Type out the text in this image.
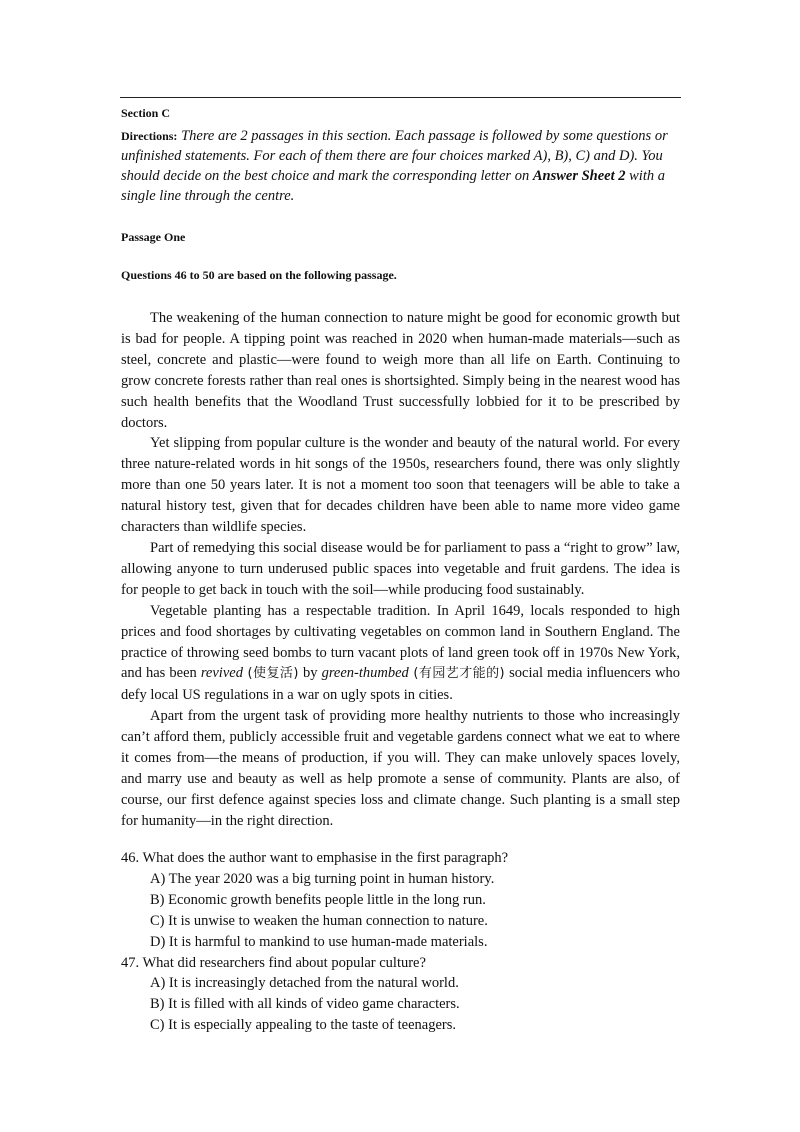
Section C
Directions: There are 2 passages in this section. Each passage is followed by some questions or unfinished statements. For each of them there are four choices marked A), B), C) and D). You should decide on the best choice and mark the corresponding letter on Answer Sheet 2 with a single line through the centre.
Passage One
Questions 46 to 50 are based on the following passage.

The weakening of the human connection to nature might be good for economic growth but is bad for people. A tipping point was reached in 2020 when human-made materials—such as steel, concrete and plastic—were found to weigh more than all life on Earth. Continuing to grow concrete forests rather than real ones is shortsighted. Simply being in the nearest wood has such health benefits that the Woodland Trust successfully lobbied for it to be prescribed by doctors.

Yet slipping from popular culture is the wonder and beauty of the natural world. For every three nature-related words in hit songs of the 1950s, researchers found, there was only slightly more than one 50 years later. It is not a moment too soon that teenagers will be able to take a natural history test, given that for decades children have been able to name more video game characters than wildlife species.

Part of remedying this social disease would be for parliament to pass a “right to grow” law, allowing anyone to turn underused public spaces into vegetable and fruit gardens. The idea is for people to get back in touch with the soil—while producing food sustainably.

Vegetable planting has a respectable tradition. In April 1649, locals responded to high prices and food shortages by cultivating vegetables on common land in Southern England. The practice of throwing seed bombs to turn vacant plots of land green took off in 1970s New York, and has been revived (使复活) by green-thumbed (有园艺才能的) social media influencers who defy local US regulations in a war on ugly spots in cities.

Apart from the urgent task of providing more healthy nutrients to those who increasingly can’t afford them, publicly accessible fruit and vegetable gardens connect what we eat to where it comes from—the means of production, if you will. They can make unlovely spaces lovely, and marry use and beauty as well as help promote a sense of community. Plants are also, of course, our first defence against species loss and climate change. Such planting is a small step for humanity—in the right direction.

46. What does the author want to emphasise in the first paragraph?

A) The year 2020 was a big turning point in human history.

B) Economic growth benefits people little in the long run.

C) It is unwise to weaken the human connection to nature.

D) It is harmful to mankind to use human-made materials.

47. What did researchers find about popular culture?

A) It is increasingly detached from the natural world.

B) It is filled with all kinds of video game characters.

C) It is especially appealing to the taste of teenagers.
